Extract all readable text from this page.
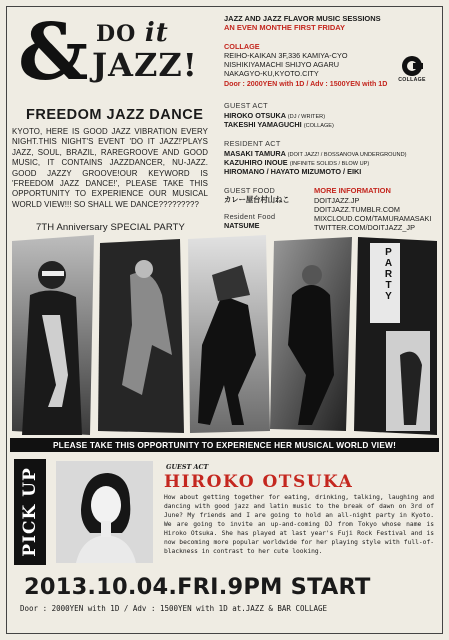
& DO it
JAZZ!
FREEDOM JAZZ DANCE
KYOTO, HERE IS GOOD JAZZ VIBRATION EVERY NIGHT.THIS NIGHT'S EVENT 'DO IT JAZZ!'PLAYS JAZZ, SOUL, BRAZIL, RAREGROOVE AND GOOD MUSIC, IT CONTAINS JAZZDANCER, NU-JAZZ. GOOD JAZZY GROOVE!OUR KEYWORD IS 'FREEDOM JAZZ DANCE!', PLEASE TAKE THIS OPPORTUNITY TO EXPERIENCE OUR MUSICAL WORLD VIEW!!! SO SHALL WE DANCE?????????
7TH Anniversary SPECIAL PARTY
JAZZ AND JAZZ FLAVOR MUSIC SESSIONS
AN EVEN MONTHE FIRST FRIDAY
COLLAGE
REIHO-KAIKAN 3F,336 KAMIYA-CYO
NISHIKIYAMACHI SHIJYO AGARU
NAKAGYO-KU,KYOTO.CITY
Door : 2000YEN with 1D / Adv : 1500YEN with 1D	COLLAGE
GUEST ACT
HIROKO OTSUKA (DJ / WRITER)
TAKESHI YAMAGUCHI (COLLAGE)
RESIDENT ACT
MASAKI TAMURA (DOIT JAZZ! / BOSSANOVA UNDERGROUND)
KAZUHIRO INOUE (INFINITE SOLIDS / BLOW UP)
HIROMANO / HAYATO MIZUMOTO / EIKI
GUEST FOOD
カレー屋台村山ねこ
Resident Food
NATSUME
MORE INFORMATION
DOITJAZZ.JP
DOITJAZZ.TUMBLR.COM
MIXCLOUD.COM/TAMURAMASAKI
TWITTER.COM/DOITJAZZ_JP
PARTY
PLEASE TAKE THIS OPPORTUNITY TO EXPERIENCE HER MUSICAL WORLD VIEW!
PICK UP
GUEST ACT
HIROKO OTSUKA
How about getting together for eating, drinking, talking, laughing and dancing with good jazz and latin music to the break of dawn on 3rd of June? My friends and I are going to hold an all-night party in Kyoto. We are going to invite an up-and-coming DJ from Tokyo whose name is Hiroko Otsuka. She has played at last year's Fuji Rock Festival and is now becoming more popular worldwide for her playing style with full-of-blackness in contrast to her cute looking.
2013.10.04.FRI.9PM START
Door : 2000YEN with 1D / Adv : 1500YEN with 1D at.JAZZ & BAR COLLAGE
